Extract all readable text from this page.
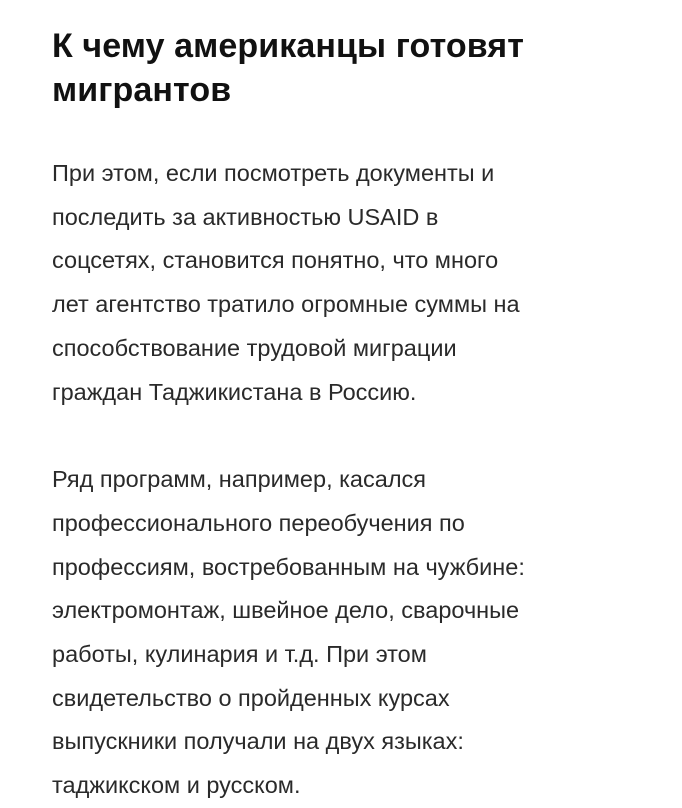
К чему американцы готовят
мигрантов

При этом, если посмотреть документы и
последить за активностью USAID в
соцсетях, становится понятно, что много
лет агентство тратило огромные суммы на
способствование трудовой миграции
граждан Таджикистана в Россию.

Ряд программ, например, касался
профессионального переобучения по
профессиям, востребованным на чужбине:
электромонтаж, швейное дело, сварочные
работы, кулинария и т.д. При этом
свидетельство о пройденных курсах
выпускники получали на двух языках:
таджикском и русском.
